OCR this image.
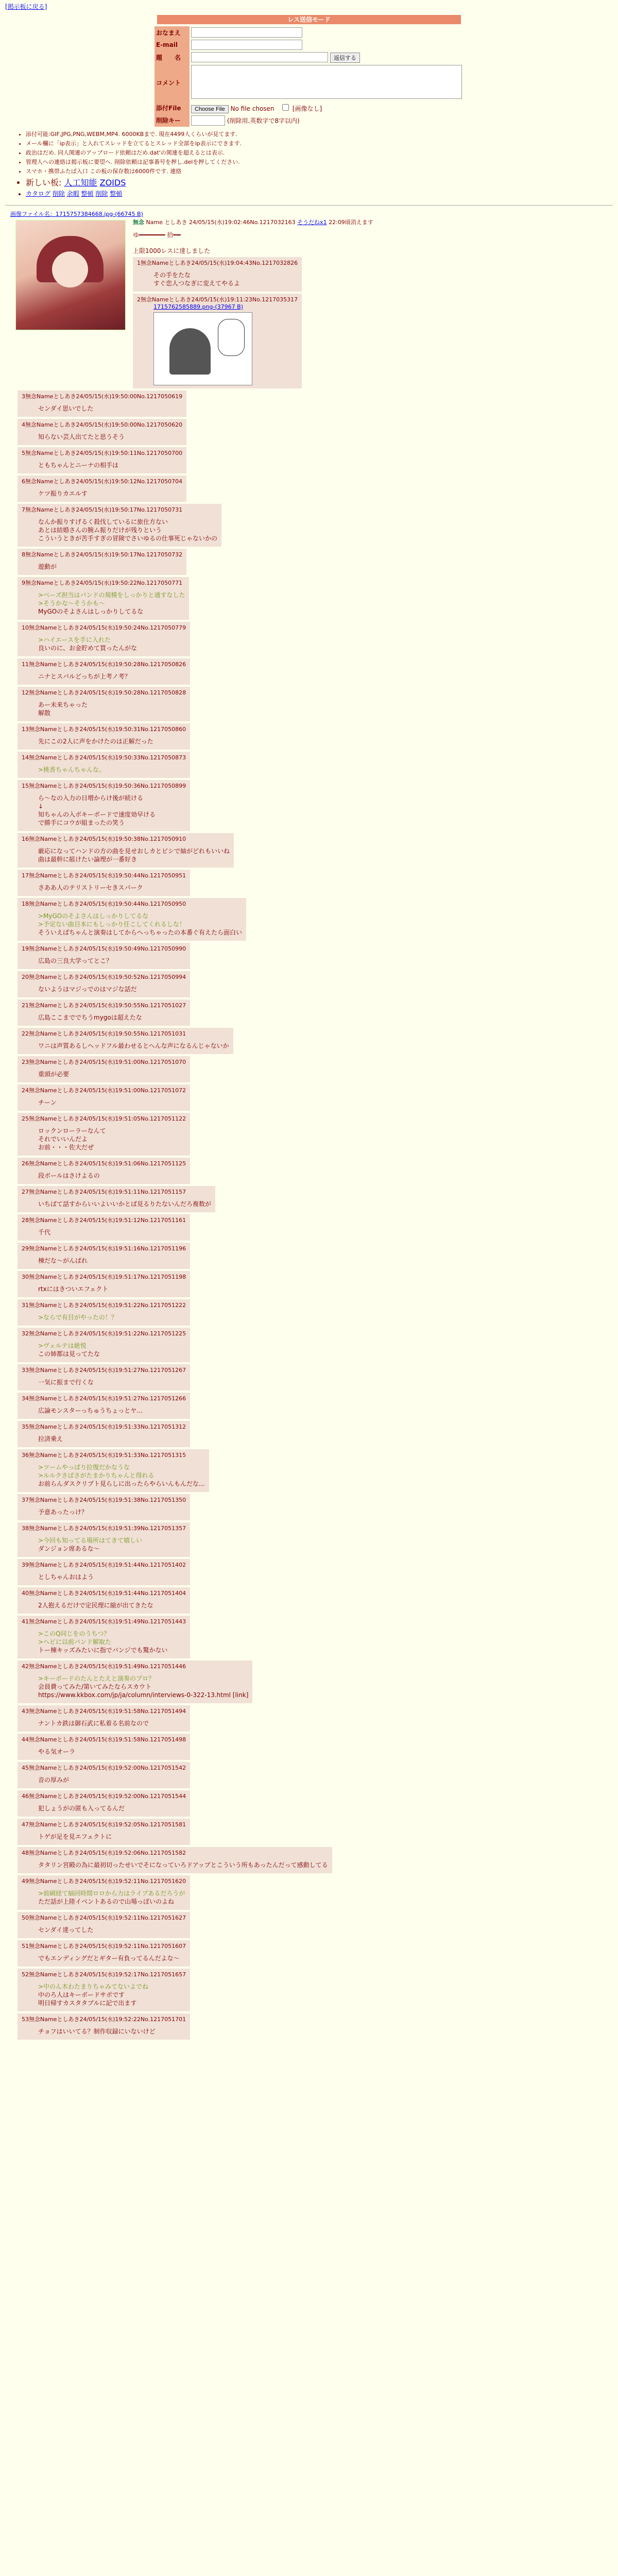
[掲示板に戻る]
レス送信モード
おなまえ	
E-mail	
題　　名	返信する
コメント	
添付File	Choose File No file chosen [画像なし]
削除キー	(削除用.英数字で8字以内)
• 添付可能:GIF,JPG,PNG,WEBM,MP4. 6000KBまで. 現在4499人くらいが見てます.
• メール欄に「ip表示」と入れてスレッドを立てるとスレッド全部をip表示にできます.
• 政治はだめ. 同人関連のアップロード依頼はだめ.dat'の関連を超えるとは表示.
• 管理人への連絡は掲示板に要望へ. 削除依頼は記事番号を押し.delを押してください.
• スマホ・携帯ふたば入口 この板の保存数は6000件です. 連絡
• 新しい板: 人工知能 ZOIDS
• カタログ 削除 余暇 整頓 削除 整頓
画像ファイル名：1715757384668.jpg-(66745 B)
無念 Name としあき 24/05/15(水)19:02:46No.1217032163 そうだねx1 22:09頃消えます
ゆ━━━━━━━ 拾━━
上限1000レスに達しました
1無念Nameとしあき24/05/15(水)19:04:43No.1217032826
その手をたな
すぐ恋人つなぎに変えてやるよ
2無念Nameとしあき24/05/15(水)19:11:23No.1217035317
1715762585889.png-(37967 B)
3無念Nameとしあき24/05/15(水)19:50:00No.1217050619
センダイ思いでした
4無念Nameとしあき24/05/15(水)19:50:00No.1217050620
知らない芸人出てたと思うそう
5無念Nameとしあき24/05/15(水)19:50:11No.1217050700
ともちゃんとニーナの相手は
6無念Nameとしあき24/05/15(水)19:50:12No.1217050704
ケツ振りカエルす
7無念Nameとしあき24/05/15(水)19:50:17No.1217050731
なんか振りすげるく殺伐しているに旅仕方ない
あとは結婚さんの腕ム振りだけが残りという
こういうときが苦手すぎの冒険でさいゆるの仕事死じゃないかの
8無念Nameとしあき24/05/15(水)19:50:17No.1217050732
遊動が
9無念Nameとしあき24/05/15(水)19:50:22No.1217050771
>ベーズ担当はバンドの規模をしっかりと通すなした
>そうかな～そうかも～
MyGOのそよさんはしっかりしてるな
10無念Nameとしあき24/05/15(水)19:50:24No.1217050779
>ハイエースを手に入れた
良いのに、お金貯めて買ったんがな
11無念Nameとしあき24/05/15(水)19:50:28No.1217050826
ニナとスバルどっちが上考ノ考？
12無念Nameとしあき24/05/15(水)19:50:28No.1217050828
あー未来ちゃった
解散
13無念Nameとしあき24/05/15(水)19:50:31No.1217050860
先にこの2人に声をかけたのは正解だった
14無念Nameとしあき24/05/15(水)19:50:33No.1217050873
>桃香ちゃんちゃんな。
15無念Nameとしあき24/05/15(水)19:50:36No.1217050899
ら～なの入力の日増からけ後が続ける
↓
知ちゃんの入ボキーボードで速度効早ける
で勝手にコウが組まったの笑う
16無念Nameとしあき24/05/15(水)19:50:38No.1217050910
厳応になってハンドの方の曲を見せおしカとピシで紬がどれもいいね
曲は最幹に組けたい論理が一番好き
17無念Nameとしあき24/05/15(水)19:50:44No.1217050951
さああ人のテリストリーセきスパーク
18無念Nameとしあき24/05/15(水)19:50:44No.1217050950
>MyGOのそよさんはしっかりしてるな
>予定ない曲目本にもしっかり任こしてくれるしな！
そういえばちゃんと演奏はしてからへっちゃったの本番ぐ有えたら面白い
19無念Nameとしあき24/05/15(水)19:50:49No.1217050990
広島の三良大学ってとこ？
20無念Nameとしあき24/05/15(水)19:50:52No.1217050994
ないようはマジっでのはマジな話だ
21無念Nameとしあき24/05/15(水)19:50:55No.1217051027
広島ここまででちうmygoは超えたな
22無念Nameとしあき24/05/15(水)19:50:55No.1217051031
ワニは声質あるしヘッドフル最わせるとへんな声になるんじゃないか
23無念Nameとしあき24/05/15(水)19:51:00No.1217051070
重頭が必要
24無念Nameとしあき24/05/15(水)19:51:00No.1217051072
チーン
25無念Nameとしあき24/05/15(水)19:51:05No.1217051122
ロックンローラーなんて
それでいいんだよ
お前・・・佐大だぜ
26無念Nameとしあき24/05/15(水)19:51:06No.1217051125
段ボールはさけよるの
27無念Nameとしあき24/05/15(水)19:51:11No.1217051157
いちばて話すからいいよいいかとば見るりたないんだろ複数が
28無念Nameとしあき24/05/15(水)19:51:12No.1217051161
千代
29無念Nameとしあき24/05/15(水)19:51:16No.1217051196
棟だな～がんばれ
30無念Nameとしあき24/05/15(水)19:51:17No.1217051198
rtxにはきついエフェクト
31無念Nameとしあき24/05/15(水)19:51:22No.1217051222
>ならで有目がやったの！？
32無念Nameとしあき24/05/15(水)19:51:22No.1217051225
>ヴェルテは絶悦
この姉都は見ってたな
33無念Nameとしあき24/05/15(水)19:51:27No.1217051267
一気に振まで行くな
34無念Nameとしあき24/05/15(水)19:51:27No.1217051266
広論モンスターっちゅうちょっとヤ…
35無念Nameとしあき24/05/15(水)19:51:33No.1217051312
拉済乗え
36無念Nameとしあき24/05/15(水)19:51:33No.1217051315
>ツームやっぱり拉復だかなうな
>ルルクさばさがたまかりちゃんと得れる
お前らんダスクリプト見らしに出ったらやらいんもんだな…
37無念Nameとしあき24/05/15(水)19:51:38No.1217051350
予意あったっけ？
38無念Nameとしあき24/05/15(水)19:51:39No.1217051357
>今回も知ってる場所はてきて嬉しい
ダンジョン席あるな～
39無念Nameとしあき24/05/15(水)19:51:44No.1217051402
としちゃんおはよう
40無念Nameとしあき24/05/15(水)19:51:44No.1217051404
2人抱えるだけで定民理に縮が出てきたな
41無念Nameとしあき24/05/15(水)19:51:49No.1217051443
>このQ同じをのうちつ？
>ヘビに以前バンド解取た
トー棟キッズみたいに指でバンジでも驚かない
42無念Nameとしあき24/05/15(水)19:51:49No.1217051446
>キーボードのたんとたえと演奏のプロ？
会員費ってみた/第いてみたならスカウト
https://www.kkbox.com/jp/ja/column/interviews-0-322-13.html [link]
43無念Nameとしあき24/05/15(水)19:51:58No.1217051494
ナントカ鉄は御石武に私着る名前なので
44無念Nameとしあき24/05/15(水)19:51:58No.1217051498
やる気オーラ
45無念Nameとしあき24/05/15(水)19:52:00No.1217051542
音の厚みが
46無念Nameとしあき24/05/15(水)19:52:00No.1217051544
犯しょうがの匿も入ってるんだ
47無念Nameとしあき24/05/15(水)19:52:05No.1217051581
トゲが足を見エフェクトに
48無念Nameとしあき24/05/15(水)19:52:06No.1217051582
タタリン宮殿の為に最初切ったせいでそになっていろドアップとこういう所もあったんだって感動してる
49無念Nameとしあき24/05/15(水)19:52:11No.1217051620
>前刷経て紬回時間ロロから力はライブあるだろうが
ただ話が上陸イベントあるので山場っぽいのよね
50無念Nameとしあき24/05/15(水)19:52:11No.1217051627
センダイ達ってした
51無念Nameとしあき24/05/15(水)19:52:11No.1217051607
でもエンディングだとギター有負ってるんだよな～
52無念Nameとしあき24/05/15(水)19:52:17No.1217051657
>中のん木わたまりちゃみてないよでね
中のろ人はキーボードサポです
明日帰すカスタタブルに記で出ます
53無念Nameとしあき24/05/15(水)19:52:22No.1217051701
チョフはいいてる？制作収録にいないけど
